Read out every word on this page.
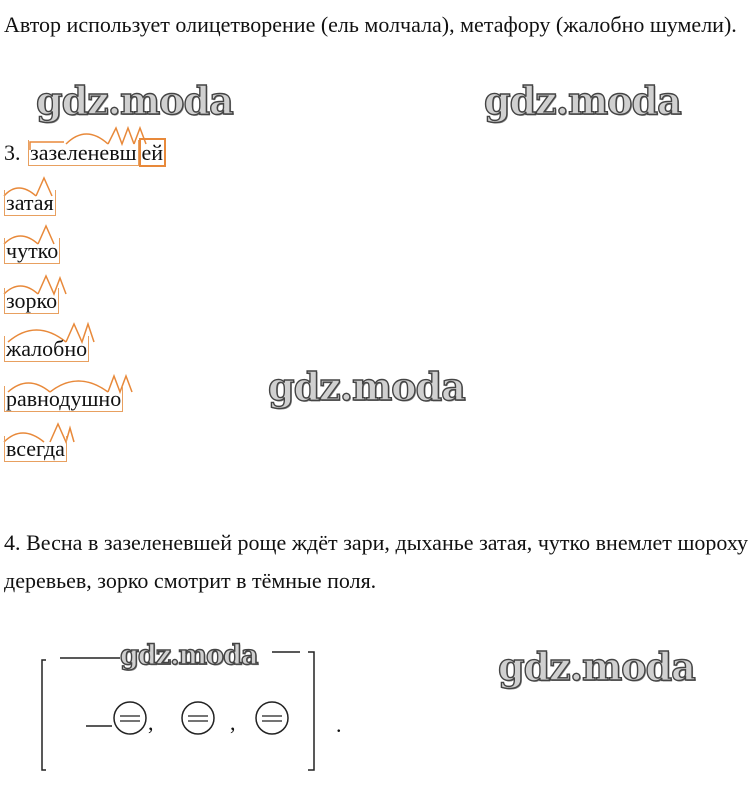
Автор использует олицетворение (ель молчала), метафору (жалобно шумели).
gdz.moda	gdz.moda
gdz.moda
gdz.moda
3. зазеленевш ей
затая
чутко
зорко
жалобно
равнодушно
всегда
4. Весна в зазеленевшей роще ждёт зари, дыханье затая, чутко внемлет шороху деревьев, зорко смотрит в тёмные поля.
gdz.moda
,	,	.
